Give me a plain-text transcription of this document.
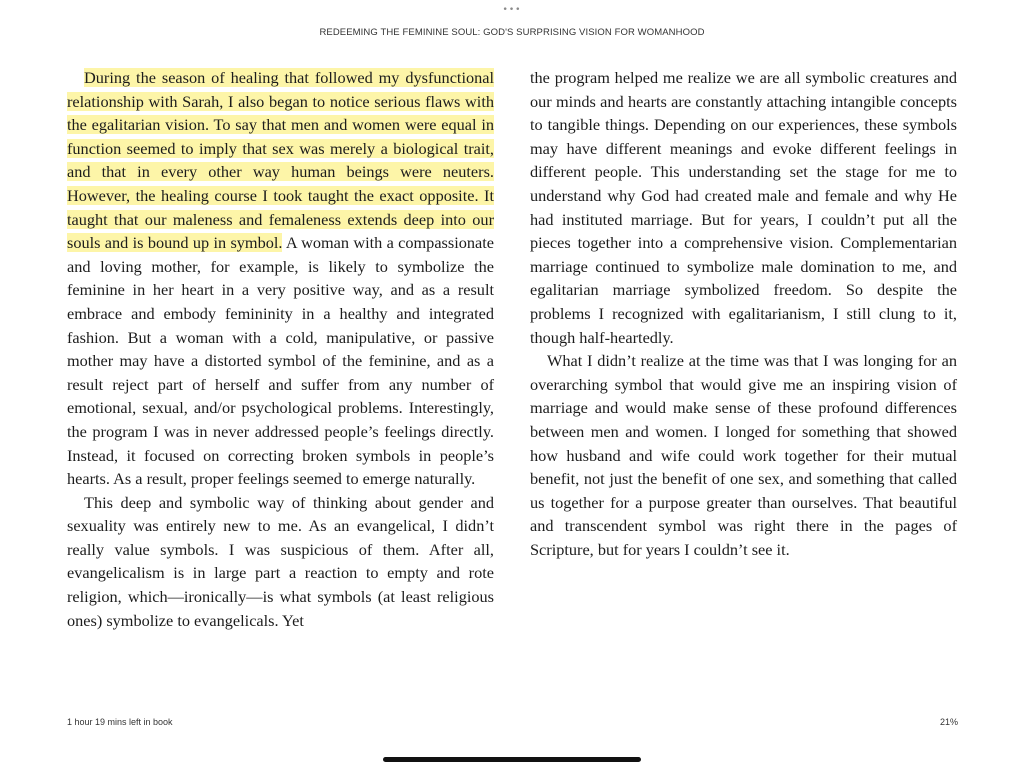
•••
REDEEMING THE FEMININE SOUL: GOD'S SURPRISING VISION FOR WOMANHOOD

During the season of healing that followed my dysfunctional relationship with Sarah, I also began to notice serious flaws with the egalitarian vision. To say that men and women were equal in function seemed to imply that sex was merely a biological trait, and that in every other way human beings were neuters. However, the healing course I took taught the exact opposite. It taught that our maleness and femaleness extends deep into our souls and is bound up in symbol. A woman with a compassionate and loving mother, for example, is likely to symbolize the feminine in her heart in a very positive way, and as a result embrace and embody femininity in a healthy and integrated fashion. But a woman with a cold, manipulative, or passive mother may have a distorted symbol of the feminine, and as a result reject part of herself and suffer from any number of emotional, sexual, and/or psychological problems. Interestingly, the program I was in never addressed people’s feelings directly. Instead, it focused on correcting broken symbols in people’s hearts. As a result, proper feelings seemed to emerge naturally.

This deep and symbolic way of thinking about gender and sexuality was entirely new to me. As an evangelical, I didn’t really value symbols. I was suspicious of them. After all, evangelicalism is in large part a reaction to empty and rote religion, which—ironically—is what symbols (at least religious ones) symbolize to evangelicals. Yet

the program helped me realize we are all symbolic creatures and our minds and hearts are constantly attaching intangible concepts to tangible things. Depending on our experiences, these symbols may have different meanings and evoke different feelings in different people. This understanding set the stage for me to understand why God had created male and female and why He had instituted marriage. But for years, I couldn’t put all the pieces together into a comprehensive vision. Complementarian marriage continued to symbolize male domination to me, and egalitarian marriage symbolized freedom. So despite the problems I recognized with egalitarianism, I still clung to it, though half-heartedly.

What I didn’t realize at the time was that I was longing for an overarching symbol that would give me an inspiring vision of marriage and would make sense of these profound differences between men and women. I longed for something that showed how husband and wife could work together for their mutual benefit, not just the benefit of one sex, and something that called us together for a purpose greater than ourselves. That beautiful and transcendent symbol was right there in the pages of Scripture, but for years I couldn’t see it.

1 hour 19 mins left in book	21%
